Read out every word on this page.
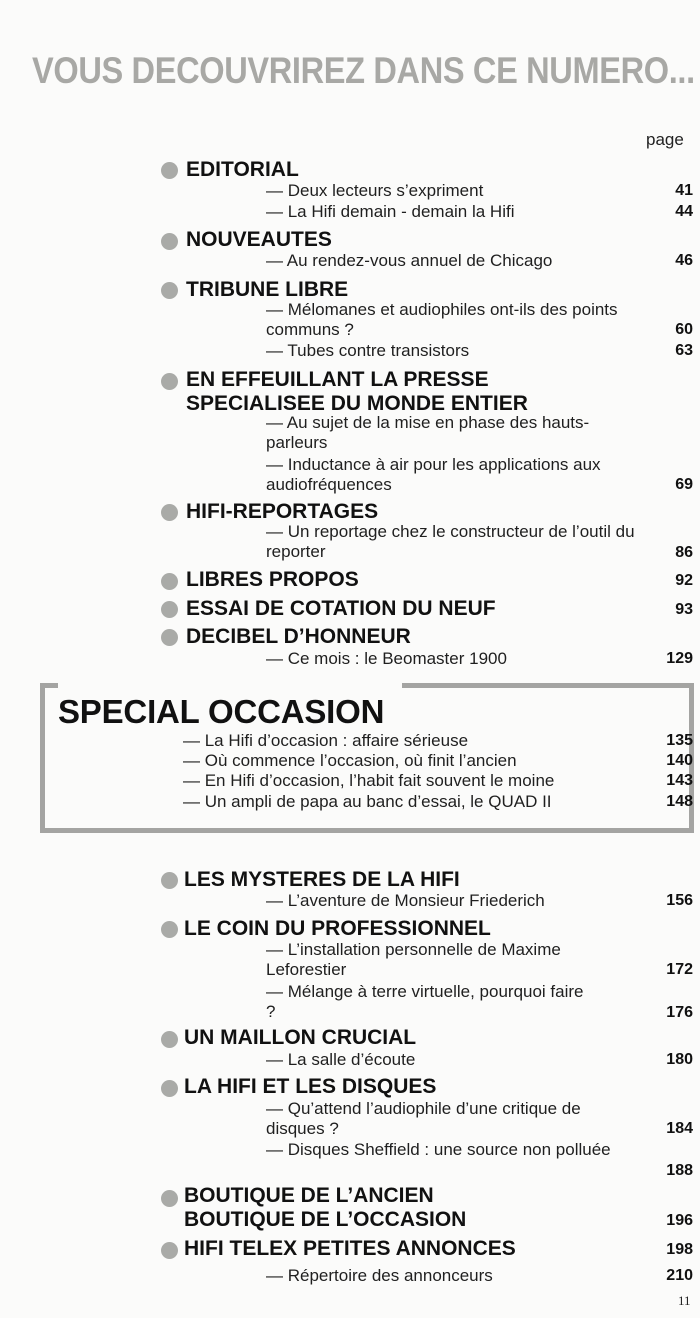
VOUS DECOUVRIREZ DANS CE NUMERO...
page
EDITORIAL
— Deux lecteurs s’expriment	41
— La Hifi demain - demain la Hifi	44
NOUVEAUTES
— Au rendez-vous annuel de Chicago	46
TRIBUNE LIBRE
— Mélomanes et audiophiles ont-ils des points communs ?	60
— Tubes contre transistors	63
EN EFFEUILLANT LA PRESSE SPECIALISEE DU MONDE ENTIER
— Au sujet de la mise en phase des hauts-parleurs
— Inductance à air pour les applications aux audiofréquences	69
HIFI-REPORTAGES
— Un reportage chez le constructeur de l’outil du reporter	86
LIBRES PROPOS	92
ESSAI DE COTATION DU NEUF	93
DECIBEL D’HONNEUR
— Ce mois : le Beomaster 1900	129
SPECIAL OCCASION
— La Hifi d’occasion : affaire sérieuse	135
— Où commence l’occasion, où finit l’ancien	140
— En Hifi d’occasion, l’habit fait souvent le moine	143
— Un ampli de papa au banc d’essai, le QUAD II	148
LES MYSTERES DE LA HIFI
— L’aventure de Monsieur Friederich	156
LE COIN DU PROFESSIONNEL
— L’installation personnelle de Maxime Leforestier	172
— Mélange à terre virtuelle, pourquoi faire ?	176
UN MAILLON CRUCIAL
— La salle d’écoute	180
LA HIFI ET LES DISQUES
— Qu’attend l’audiophile d’une critique de disques ?	184
— Disques Sheffield : une source non polluée
188
BOUTIQUE DE L’ANCIEN BOUTIQUE DE L’OCCASION	196
HIFI TELEX PETITES ANNONCES	198
— Répertoire des annonceurs	210
11
